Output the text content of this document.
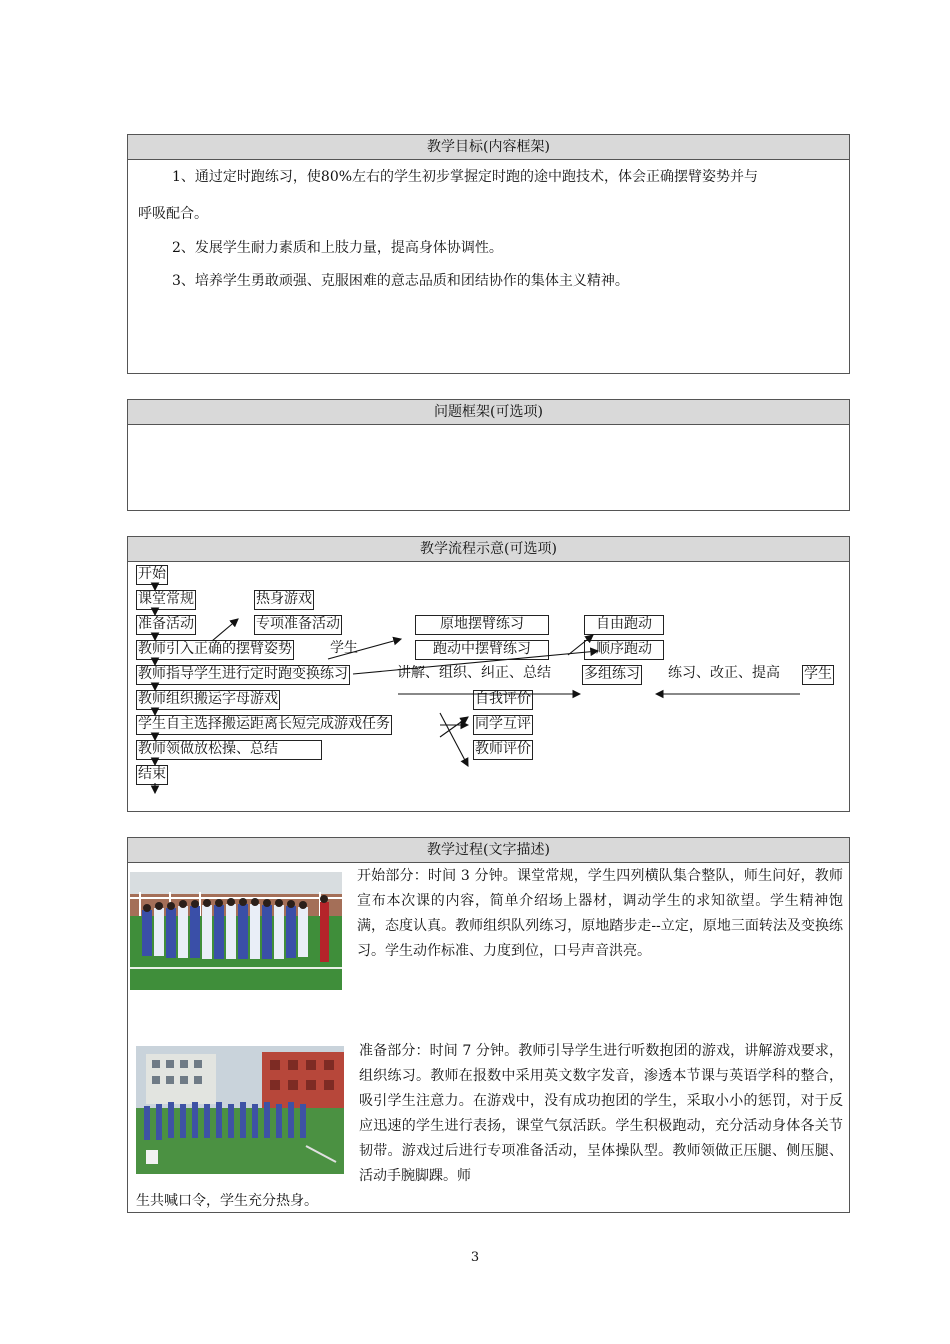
教学目标(内容框架)

1、通过定时跑练习，使80%左右的学生初步掌握定时跑的途中跑技术，体会正确摆臂姿势并与

呼吸配合。

2、发展学生耐力素质和上肢力量，提高身体协调性。

3、培养学生勇敢顽强、克服困难的意志品质和团结协作的集体主义精神。

问题框架(可选项)
教学流程示意(可选项)
开始
课堂常规	热身游戏
准备活动	专项准备活动	原地摆臂练习	自由跑动
教师引入正确的摆臂姿势	学生	跑动中摆臂练习	顺序跑动
教师指导学生进行定时跑变换练习	讲解、组织、纠正、总结 多组练习 练习、改正、提高 学生
教师组织搬运字母游戏	自我评价
学生自主选择搬运距离长短完成游戏任务	同学互评
教师领做放松操、总结	教师评价
结束
教学过程(文字描述)

开始部分：时间 3 分钟。课堂常规，学生四列横队集合整队，师生问好，教师宣布本次课的内容，简单介绍场上器材，调动学生的求知欲望。学生精神饱满，态度认真。教师组织队列练习，原地踏步走--立定，原地三面转法及变换练习。学生动作标准、力度到位，口号声音洪亮。

准备部分：时间 7 分钟。教师引导学生进行听数抱团的游戏，讲解游戏要求，组织练习。教师在报数中采用英文数字发音，渗透本节课与英语学科的整合，吸引学生注意力。在游戏中，没有成功抱团的学生，采取小小的惩罚，对于反应迅速的学生进行表扬，课堂气氛活跃。学生积极跑动，充分活动身体各关节韧带。游戏过后进行专项准备活动，呈体操队型。教师领做正压腿、侧压腿、活动手腕脚踝。师

生共喊口令，学生充分热身。

3
